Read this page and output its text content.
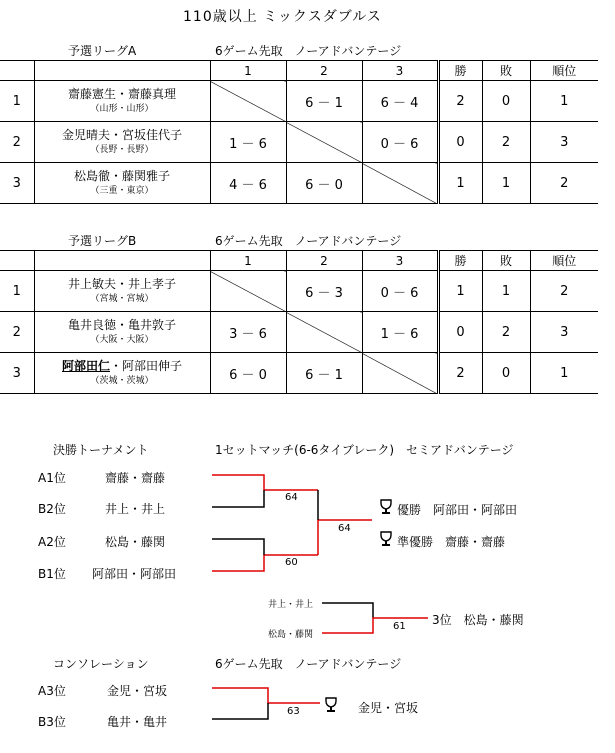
110歳以上 ミックスダブルス
予選リーグA	6ゲーム先取　ノーアドバンテージ
		1	2	3	勝	敗	順位
1	齋藤憲生・齋藤真理
（山形・山形）		6 － 1	6 － 4	2	0	1
2	金児晴夫・宮坂佳代子
（長野・長野）	1 － 6		0 － 6	0	2	3
3	松島徹・藤関雅子
（三重・東京）	4 － 6	6 － 0		1	1	2
予選リーグB	6ゲーム先取　ノーアドバンテージ
		1	2	3	勝	敗	順位
1	井上敏夫・井上孝子
（宮城・宮城）		6 － 3	0 － 6	1	1	2
2	亀井良徳・亀井敦子
（大阪・大阪）	3 － 6		1 － 6	0	2	3
3	阿部田仁・阿部田伸子
（茨城・茨城）	6 － 0	6 － 1		2	0	1
決勝トーナメント	1セットマッチ(6-6タイブレーク)　セミアドバンテージ
A1位	齋藤・齋藤
B2位	井上・井上
A2位	松島・藤関
B1位 阿部田・阿部田
64
60
64
優勝　阿部田・阿部田
準優勝　齋藤・齋藤
井上・井上
松島・藤関
61 3位　松島・藤関
コンソレーション	6ゲーム先取　ノーアドバンテージ
A3位	金児・宮坂
B3位	亀井・亀井
63	金児・宮坂
